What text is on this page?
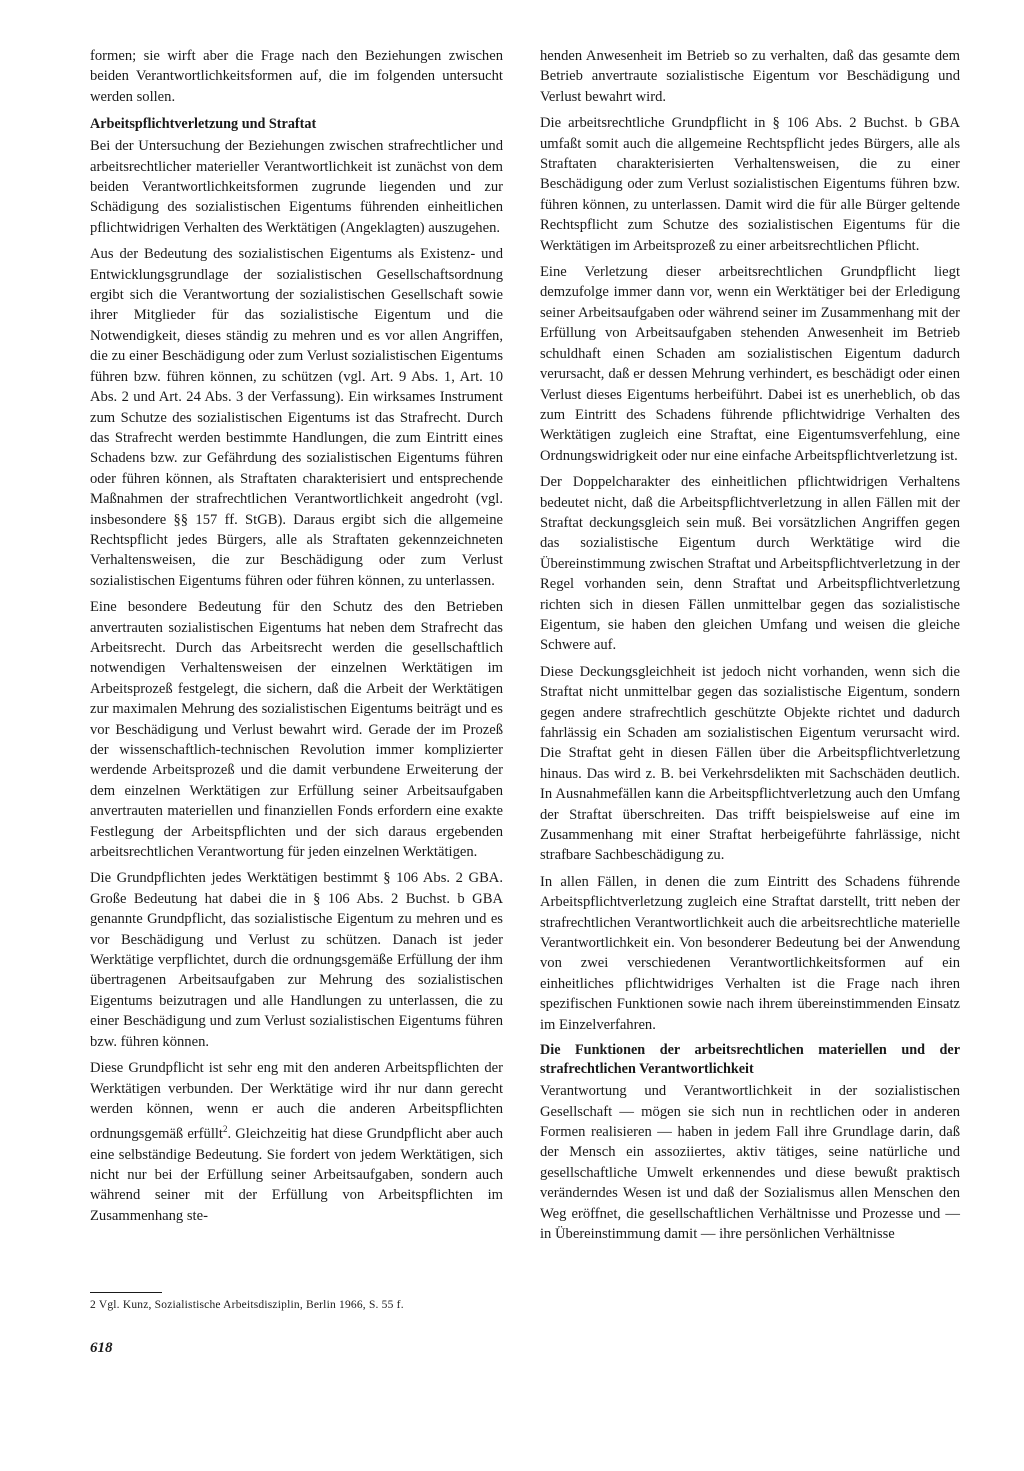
formen; sie wirft aber die Frage nach den Beziehungen zwischen beiden Verantwortlichkeitsformen auf, die im folgenden untersucht werden sollen.

Arbeitspflichtverletzung und Straftat

Bei der Untersuchung der Beziehungen zwischen strafrechtlicher und arbeitsrechtlicher materieller Verantwortlichkeit ist zunächst von dem beiden Verantwortlichkeitsformen zugrunde liegenden und zur Schädigung des sozialistischen Eigentums führenden einheitlichen pflichtwidrigen Verhalten des Werktätigen (Angeklagten) auszugehen.

Aus der Bedeutung des sozialistischen Eigentums als Existenz- und Entwicklungsgrundlage der sozialistischen Gesellschaftsordnung ergibt sich die Verantwortung der sozialistischen Gesellschaft sowie ihrer Mitglieder für das sozialistische Eigentum und die Notwendigkeit, dieses ständig zu mehren und es vor allen Angriffen, die zu einer Beschädigung oder zum Verlust sozialistischen Eigentums führen bzw. führen können, zu schützen (vgl. Art. 9 Abs. 1, Art. 10 Abs. 2 und Art. 24 Abs. 3 der Verfassung). Ein wirksames Instrument zum Schutze des sozialistischen Eigentums ist das Strafrecht. Durch das Strafrecht werden bestimmte Handlungen, die zum Eintritt eines Schadens bzw. zur Gefährdung des sozialistischen Eigentums führen oder führen können, als Straftaten charakterisiert und entsprechende Maßnahmen der strafrechtlichen Verantwortlichkeit angedroht (vgl. insbesondere §§ 157 ff. StGB). Daraus ergibt sich die allgemeine Rechtspflicht jedes Bürgers, alle als Straftaten gekennzeichneten Verhaltensweisen, die zur Beschädigung oder zum Verlust sozialistischen Eigentums führen oder führen können, zu unterlassen.

Eine besondere Bedeutung für den Schutz des den Betrieben anvertrauten sozialistischen Eigentums hat neben dem Strafrecht das Arbeitsrecht. Durch das Arbeitsrecht werden die gesellschaftlich notwendigen Verhaltensweisen der einzelnen Werktätigen im Arbeitsprozeß festgelegt, die sichern, daß die Arbeit der Werktätigen zur maximalen Mehrung des sozialistischen Eigentums beiträgt und es vor Beschädigung und Verlust bewahrt wird. Gerade der im Prozeß der wissenschaftlich-technischen Revolution immer komplizierter werdende Arbeitsprozeß und die damit verbundene Erweiterung der dem einzelnen Werktätigen zur Erfüllung seiner Arbeitsaufgaben anvertrauten materiellen und finanziellen Fonds erfordern eine exakte Festlegung der Arbeitspflichten und der sich daraus ergebenden arbeitsrechtlichen Verantwortung für jeden einzelnen Werktätigen.

Die Grundpflichten jedes Werktätigen bestimmt § 106 Abs. 2 GBA. Große Bedeutung hat dabei die in § 106 Abs. 2 Buchst. b GBA genannte Grundpflicht, das sozialistische Eigentum zu mehren und es vor Beschädigung und Verlust zu schützen. Danach ist jeder Werktätige verpflichtet, durch die ordnungsgemäße Erfüllung der ihm übertragenen Arbeitsaufgaben zur Mehrung des sozialistischen Eigentums beizutragen und alle Handlungen zu unterlassen, die zu einer Beschädigung und zum Verlust sozialistischen Eigentums führen bzw. führen können.

Diese Grundpflicht ist sehr eng mit den anderen Arbeitspflichten der Werktätigen verbunden. Der Werktätige wird ihr nur dann gerecht werden können, wenn er auch die anderen Arbeitspflichten ordnungsgemäß erfüllt$^2$. Gleichzeitig hat diese Grundpflicht aber auch eine selbständige Bedeutung. Sie fordert von jedem Werktätigen, sich nicht nur bei der Erfüllung seiner Arbeitsaufgaben, sondern auch während seiner mit der Erfüllung von Arbeitspflichten im Zusammenhang ste-

henden Anwesenheit im Betrieb so zu verhalten, daß das gesamte dem Betrieb anvertraute sozialistische Eigentum vor Beschädigung und Verlust bewahrt wird.

Die arbeitsrechtliche Grundpflicht in § 106 Abs. 2 Buchst. b GBA umfaßt somit auch die allgemeine Rechtspflicht jedes Bürgers, alle als Straftaten charakterisierten Verhaltensweisen, die zu einer Beschädigung oder zum Verlust sozialistischen Eigentums führen bzw. führen können, zu unterlassen. Damit wird die für alle Bürger geltende Rechtspflicht zum Schutze des sozialistischen Eigentums für die Werktätigen im Arbeitsprozeß zu einer arbeitsrechtlichen Pflicht.

Eine Verletzung dieser arbeitsrechtlichen Grundpflicht liegt demzufolge immer dann vor, wenn ein Werktätiger bei der Erledigung seiner Arbeitsaufgaben oder während seiner im Zusammenhang mit der Erfüllung von Arbeitsaufgaben stehenden Anwesenheit im Betrieb schuldhaft einen Schaden am sozialistischen Eigentum dadurch verursacht, daß er dessen Mehrung verhindert, es beschädigt oder einen Verlust dieses Eigentums herbeiführt. Dabei ist es unerheblich, ob das zum Eintritt des Schadens führende pflichtwidrige Verhalten des Werktätigen zugleich eine Straftat, eine Eigentumsverfehlung, eine Ordnungswidrigkeit oder nur eine einfache Arbeitspflichtverletzung ist.

Der Doppelcharakter des einheitlichen pflichtwidrigen Verhaltens bedeutet nicht, daß die Arbeitspflichtverletzung in allen Fällen mit der Straftat deckungsgleich sein muß. Bei vorsätzlichen Angriffen gegen das sozialistische Eigentum durch Werktätige wird die Übereinstimmung zwischen Straftat und Arbeitspflichtverletzung in der Regel vorhanden sein, denn Straftat und Arbeitspflichtverletzung richten sich in diesen Fällen unmittelbar gegen das sozialistische Eigentum, sie haben den gleichen Umfang und weisen die gleiche Schwere auf.

Diese Deckungsgleichheit ist jedoch nicht vorhanden, wenn sich die Straftat nicht unmittelbar gegen das sozialistische Eigentum, sondern gegen andere strafrechtlich geschützte Objekte richtet und dadurch fahrlässig ein Schaden am sozialistischen Eigentum verursacht wird. Die Straftat geht in diesen Fällen über die Arbeitspflichtverletzung hinaus. Das wird z. B. bei Verkehrsdelikten mit Sachschäden deutlich. In Ausnahmefällen kann die Arbeitspflichtverletzung auch den Umfang der Straftat überschreiten. Das trifft beispielsweise auf eine im Zusammenhang mit einer Straftat herbeigeführte fahrlässige, nicht strafbare Sachbeschädigung zu.

In allen Fällen, in denen die zum Eintritt des Schadens führende Arbeitspflichtverletzung zugleich eine Straftat darstellt, tritt neben der strafrechtlichen Verantwortlichkeit auch die arbeitsrechtliche materielle Verantwortlichkeit ein. Von besonderer Bedeutung bei der Anwendung von zwei verschiedenen Verantwortlichkeitsformen auf ein einheitliches pflichtwidriges Verhalten ist die Frage nach ihren spezifischen Funktionen sowie nach ihrem übereinstimmenden Einsatz im Einzelverfahren.

Die Funktionen der arbeitsrechtlichen materiellen und der strafrechtlichen Verantwortlichkeit

Verantwortung und Verantwortlichkeit in der sozialistischen Gesellschaft — mögen sie sich nun in rechtlichen oder in anderen Formen realisieren — haben in jedem Fall ihre Grundlage darin, daß der Mensch ein assoziiertes, aktiv tätiges, seine natürliche und gesellschaftliche Umwelt erkennendes und diese bewußt praktisch veränderndes Wesen ist und daß der Sozialismus allen Menschen den Weg eröffnet, die gesellschaftlichen Verhältnisse und Prozesse und — in Übereinstimmung damit — ihre persönlichen Verhältnisse

2 Vgl. Kunz, Sozialistische Arbeitsdisziplin, Berlin 1966, S. 55 f.
618
